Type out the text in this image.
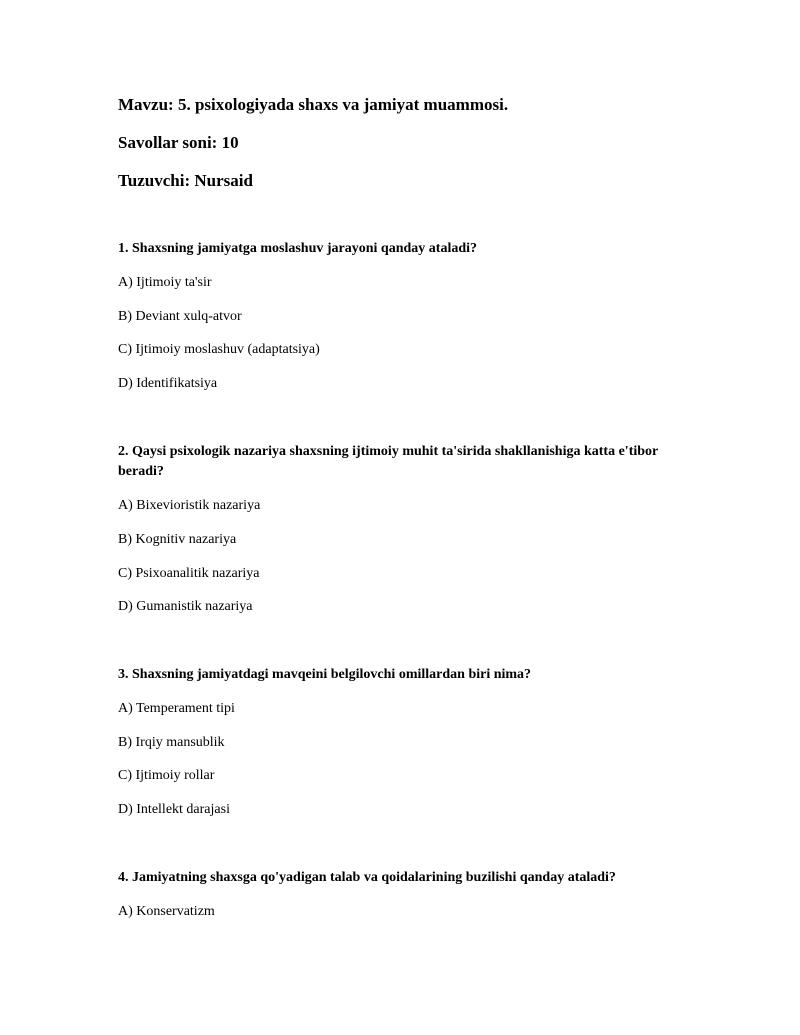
Mavzu: 5. psixologiyada shaxs va jamiyat muammosi.
Savollar soni: 10
Tuzuvchi: Nursaid
1. Shaxsning jamiyatga moslashuv jarayoni qanday ataladi?
A) Ijtimoiy ta'sir
B) Deviant xulq-atvor
C) Ijtimoiy moslashuv (adaptatsiya)
D) Identifikatsiya
2. Qaysi psixologik nazariya shaxsning ijtimoiy muhit ta'sirida shakllanishiga katta e'tibor beradi?
A) Bixevioristik nazariya
B) Kognitiv nazariya
C) Psixoanalitik nazariya
D) Gumanistik nazariya
3. Shaxsning jamiyatdagi mavqeini belgilovchi omillardan biri nima?
A) Temperament tipi
B) Irqiy mansublik
C) Ijtimoiy rollar
D) Intellekt darajasi
4. Jamiyatning shaxsga qo'yadigan talab va qoidalarining buzilishi qanday ataladi?
A) Konservatizm
